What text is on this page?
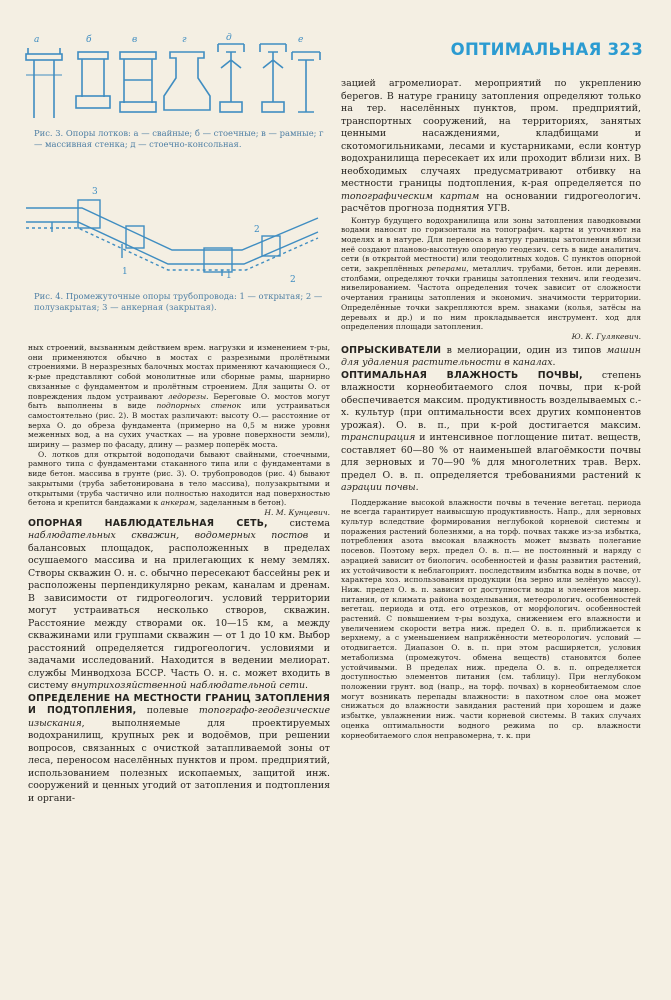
ОПТИМАЛЬНАЯ 323
а	б	в	г	д	е

Рис. 3. Опоры лотков: а — свайные; б — стоечные; в — рамные; г — массивная стенка; д — стоечно-консольная.

3
2
1	1	2

Рис. 4. Промежуточные опоры трубопровода: 1 — открытая; 2 — полузакрытая; 3 — анкерная (закрытая).

ных строений, вызванным действием врем. нагрузки и изменением т-ры, они применяются обычно в мостах с разрезными пролётными строениями. В неразрезных балочных мостах применяют качающиеся О., к-рые представляют собой монолитные или сборные рамы, шарнирно связанные с фундаментом и пролётным строением. Для защиты О. от повреждения льдом устраивают ледорезы. Береговые О. мостов могут быть выполнены в виде подпорных стенок или устраиваться самостоятельно (рис. 2). В мостах различают: высоту О.— расстояние от верха О. до обреза фундамента (примерно на 0,5 м ниже уровня меженных вод, а на сухих участках — на уровне поверхности земли), ширину — размер по фасаду, длину — размер поперёк моста.

О. лотков для открытой водоподачи бывают свайными, стоечными, рамного типа с фундаментами стаканного типа или с фундаментами в виде бетон. массива в грунте (рис. 3). О. трубопроводов (рис. 4) бывают закрытыми (труба забетонирована в тело массива), полузакрытыми и открытыми (труба частично или полностью находится над поверхностью бетона и крепится бандажами к анкерам, заделанным в бетон).

Н. М. Кунцевич.

ОПОРНАЯ НАБЛЮДАТЕЛЬНАЯ СЕТЬ, система наблюдательных скважин, водомерных постов и балансовых площадок, расположенных в пределах осушаемого массива и на прилегающих к нему землях. Створы скважин О. н. с. обычно пересекают бассейны рек и расположены перпендикулярно рекам, каналам и дренам. В зависимости от гидрогеологич. условий территории могут устраиваться несколько створов, скважин. Расстояние между створами ок. 10—15 км, а между скважинами или группами скважин — от 1 до 10 км. Выбор расстояний определяется гидрогеологич. условиями и задачами исследований. Находится в ведении мелиорат. службы Минводхоза БССР. Часть О. н. с. может входить в систему внутрихозяйственной наблюдательной сети.

ОПРЕДЕЛЕНИЕ НА МЕСТНОСТИ ГРАНИЦ ЗАТОПЛЕНИЯ И ПОДТОПЛЕНИЯ, полевые топографо-геодезические изыскания, выполняемые для проектируемых водохранилищ, крупных рек и водоёмов, при решении вопросов, связанных с очисткой затапливаемой зоны от леса, переносом населённых пунктов и пром. предприятий, использованием полезных ископаемых, защитой инж. сооружений и ценных угодий от затопления и подтопления и органи-

зацией агромелиорат. мероприятий по укреплению берегов. В натуре границу затопления определяют только на тер. населённых пунктов, пром. предприятий, транспортных сооружений, на территориях, занятых ценными насаждениями, кладбищами и скотомогильниками, лесами и кустарниками, если контур водохранилища пересекает их или проходит вблизи них. В необходимых случаях предусматривают отбивку на местности границы подтопления, к-рая определяется по топографическим картам на основании гидрогеологич. расчётов прогноза поднятия УГВ.

Контур будущего водохранилища или зоны затопления паводковыми водами наносят по горизонтали на топографич. карты и уточняют на моделях и в натуре. Для переноса в натуру границы затопления вблизи неё создают планово-высотную опорную геодезич. сеть в виде аналитич. сети (в открытой местности) или теодолитных ходов. С пунктов опорной сети, закреплённых реперами, металлич. трубами, бетон. или деревян. столбами, определяют точки границы затопления технич. или геодезич. нивелированием. Частота определения точек зависит от сложности очертания границы затопления и экономич. значимости территории. Определённые точки закрепляются врем. знаками (колья, затёсы на деревьях и др.) и по ним прокладывается инструмент. ход для определения площади затопления.

Ю. К. Гулякевич.

ОПРЫСКИВАТЕЛИ в мелиорации, один из типов машин для удаления растительности в каналах.

ОПТИМАЛЬНАЯ ВЛАЖНОСТЬ ПОЧВЫ, степень влажности корнеобитаемого слоя почвы, при к-рой обеспечивается максим. продуктивность возделываемых с.-х. культур (при оптимальности всех других компонентов урожая). О. в. п., при к-рой достигается максим. транспирация и интенсивное поглощение питат. веществ, составляет 60—80 % от наименьшей влагоёмкости почвы для зерновых и 70—90 % для многолетних трав. Верх. предел О. в. п. определяется требованиями растений к аэрации почвы.

Поддержание высокой влажности почвы в течение вегетац. периода не всегда гарантирует наивысшую продуктивность. Напр., для зерновых культур вследствие формирования неглубокой корневой системы и поражения растений болезнями, а на торф. почвах также из-за избытка, потребления азота высокая влажность может вызвать полегание посевов. Поэтому верх. предел О. в. п.— не постоянный и наряду с аэрацией зависит от биологич. особенностей и фазы развития растений, их устойчивости к неблагоприят. последствиям избытка воды в почве, от характера хоз. использования продукции (на зерно или зелёную массу). Ниж. предел О. в. п. зависит от доступности воды и элементов минер. питания, от климата района возделывания, метеорологич. особенностей вегетац. периода и отд. его отрезков, от морфологич. особенностей растений. С повышением т-ры воздуха, снижением его влажности и увеличением скорости ветра ниж. предел О. в. п. приближается к верхнему, а с уменьшением напряжённости метеорологич. условий — отодвигается. Диапазон О. в. п. при этом расширяется, условия метаболизма (промежуточ. обмена веществ) становятся более устойчивыми. В пределах ниж. предела О. в. п. определяется доступностью элементов питания (см. таблицу). При неглубоком положении грунт. вод (напр., на торф. почвах) в корнеобитаемом слое могут возникать перепады влажности: в пахотном слое она может снижаться до влажности завядания растений при хорошем и даже избытке, увлажнении ниж. части корневой системы. В таких случаях оценка оптимальности водного режима по ср. влажности корнеобитаемого слоя неправомерна, т. к. при
